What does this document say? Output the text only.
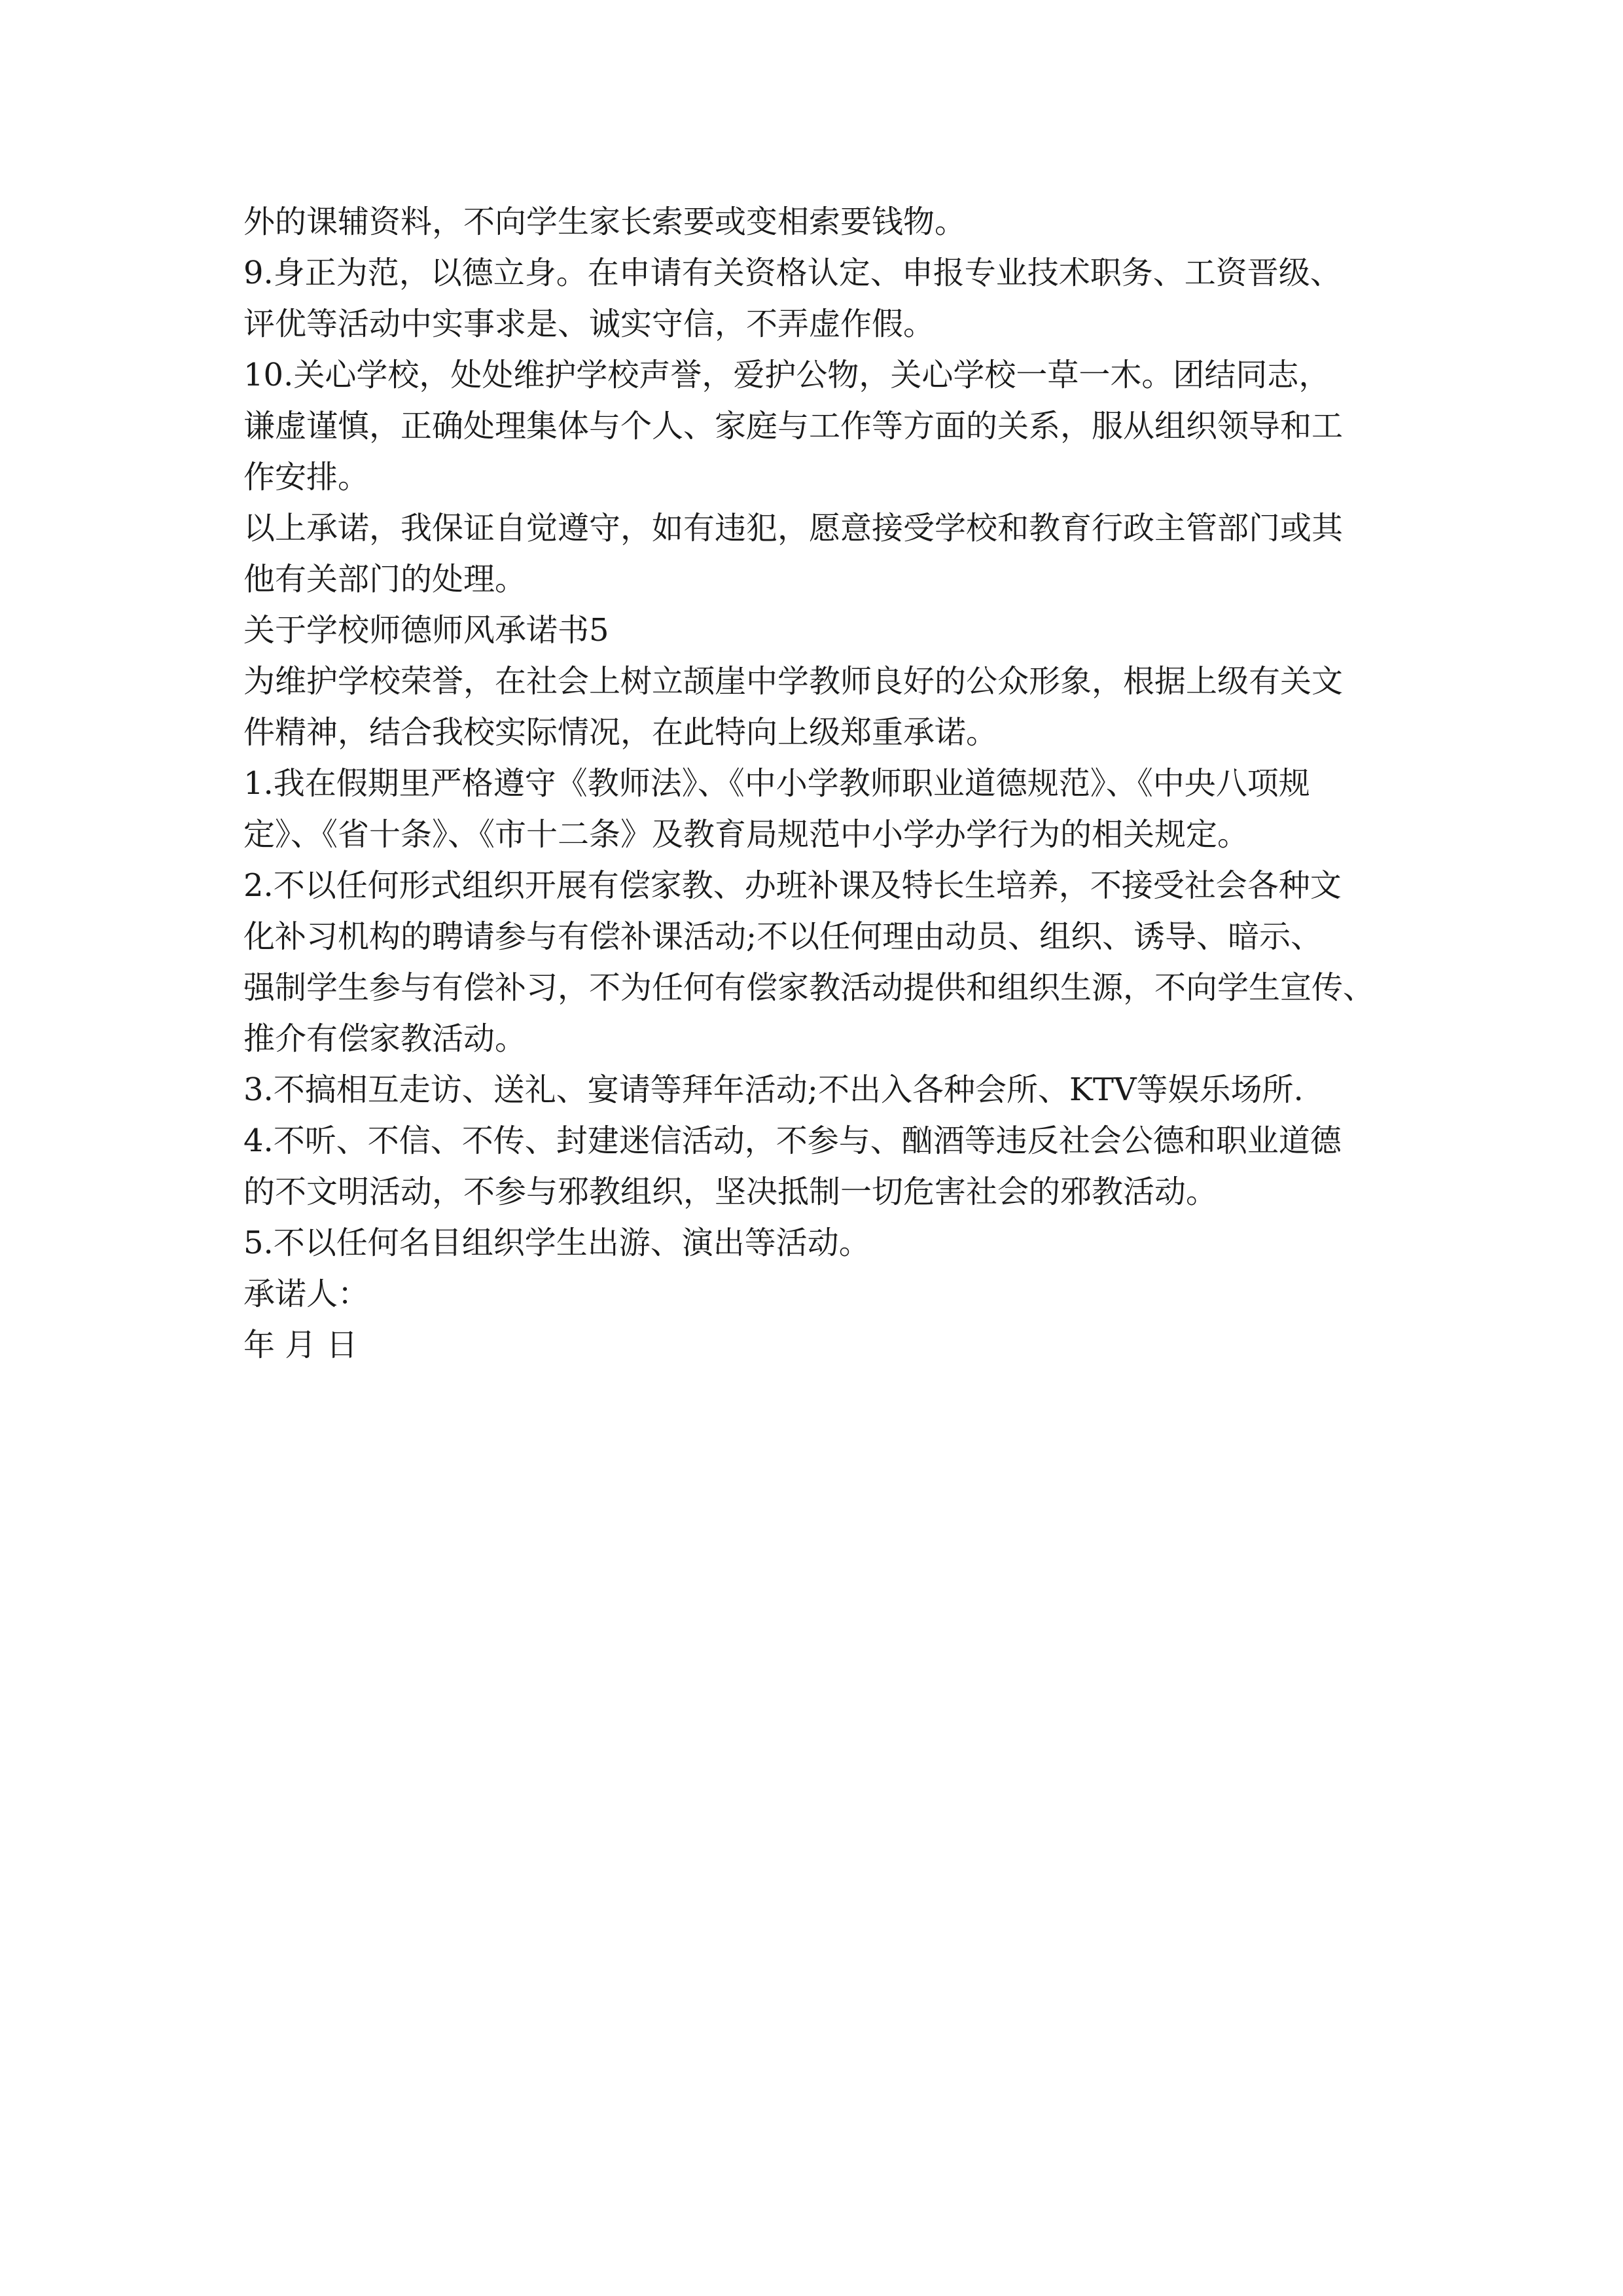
外的课辅资料，不向学生家长索要或变相索要钱物。
9.身正为范，以德立身。在申请有关资格认定、申报专业技术职务、工资晋级、
评优等活动中实事求是、诚实守信，不弄虚作假。
10.关心学校，处处维护学校声誉，爱护公物，关心学校一草一木。团结同志，
谦虚谨慎，正确处理集体与个人、家庭与工作等方面的关系，服从组织领导和工
作安排。
以上承诺，我保证自觉遵守，如有违犯，愿意接受学校和教育行政主管部门或其
他有关部门的处理。
关于学校师德师风承诺书5
为维护学校荣誉，在社会上树立颉崖中学教师良好的公众形象，根据上级有关文
件精神，结合我校实际情况，在此特向上级郑重承诺。
1.我在假期里严格遵守《教师法》、《中小学教师职业道德规范》、《中央八项规
定》、《省十条》、《市十二条》及教育局规范中小学办学行为的相关规定。
2.不以任何形式组织开展有偿家教、办班补课及特长生培养，不接受社会各种文
化补习机构的聘请参与有偿补课活动;不以任何理由动员、组织、诱导、暗示、
强制学生参与有偿补习，不为任何有偿家教活动提供和组织生源，不向学生宣传、
推介有偿家教活动。
3.不搞相互走访、送礼、宴请等拜年活动;不出入各种会所、KTV等娱乐场所.
4.不听、不信、不传、封建迷信活动，不参与、酗酒等违反社会公德和职业道德
的不文明活动，不参与邪教组织，坚决抵制一切危害社会的邪教活动。
5.不以任何名目组织学生出游、演出等活动。
承诺人：
年 月 日
